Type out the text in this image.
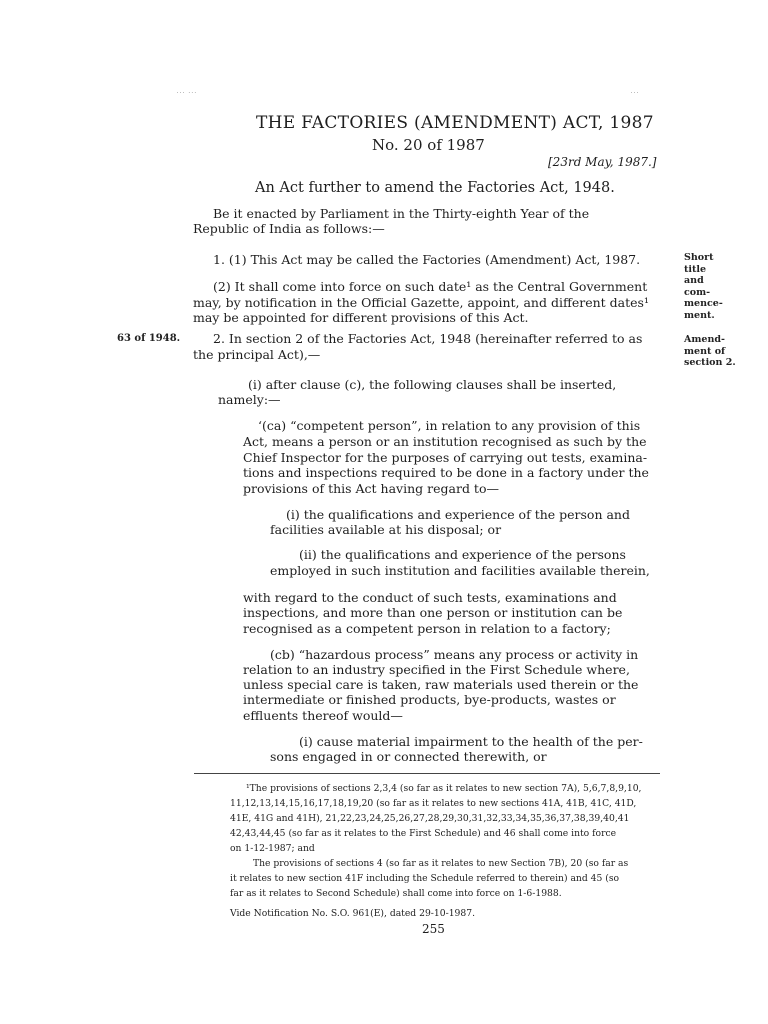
⋯ ⋯	⋯
THE FACTORIES (AMENDMENT) ACT, 1987
No. 20 of 1987
[23rd May, 1987.]
An Act further to amend the Factories Act, 1948.
Be it enacted by Parliament in the Thirty-eighth Year of the
Republic of India as follows:—
1. (1) This Act may be called the Factories (Amendment) Act, 1987.
(2) It shall come into force on such date¹ as the Central Government
may, by notification in the Official Gazette, appoint, and different dates¹
may be appointed for different provisions of this Act.
Short
title
and
com-
mence-
ment.
Amend-
ment of
section 2.
63 of 1948.	2. In section 2 of the Factories Act, 1948 (hereinafter referred to as
the principal Act),—
(i) after clause (c), the following clauses shall be inserted,
namely:—
‘(ca) “competent person”, in relation to any provision of this
Act, means a person or an institution recognised as such by the
Chief Inspector for the purposes of carrying out tests, examina-
tions and inspections required to be done in a factory under the
provisions of this Act having regard to—
(i) the qualifications and experience of the person and
facilities available at his disposal; or
(ii) the qualifications and experience of the persons
employed in such institution and facilities available therein,
with regard to the conduct of such tests, examinations and
inspections, and more than one person or institution can be
recognised as a competent person in relation to a factory;
(cb) “hazardous process” means any process or activity in
relation to an industry specified in the First Schedule where,
unless special care is taken, raw materials used therein or the
intermediate or finished products, bye-products, wastes or
effluents thereof would—
(i) cause material impairment to the health of the per-
sons engaged in or connected therewith, or
¹The provisions of sections 2,3,4 (so far as it relates to new section 7A), 5,6,7,8,9,10,
11,12,13,14,15,16,17,18,19,20 (so far as it relates to new sections 41A, 41B, 41C, 41D,
41E, 41G and 41H), 21,22,23,24,25,26,27,28,29,30,31,32,33,34,35,36,37,38,39,40,41
42,43,44,45 (so far as it relates to the First Schedule) and 46 shall come into force
on 1-12-1987; and
The provisions of sections 4 (so far as it relates to new Section 7B), 20 (so far as
it relates to new section 41F including the Schedule referred to therein) and 45 (so
far as it relates to Second Schedule) shall come into force on 1-6-1988.
Vide Notification No. S.O. 961(E), dated 29-10-1987.
255
